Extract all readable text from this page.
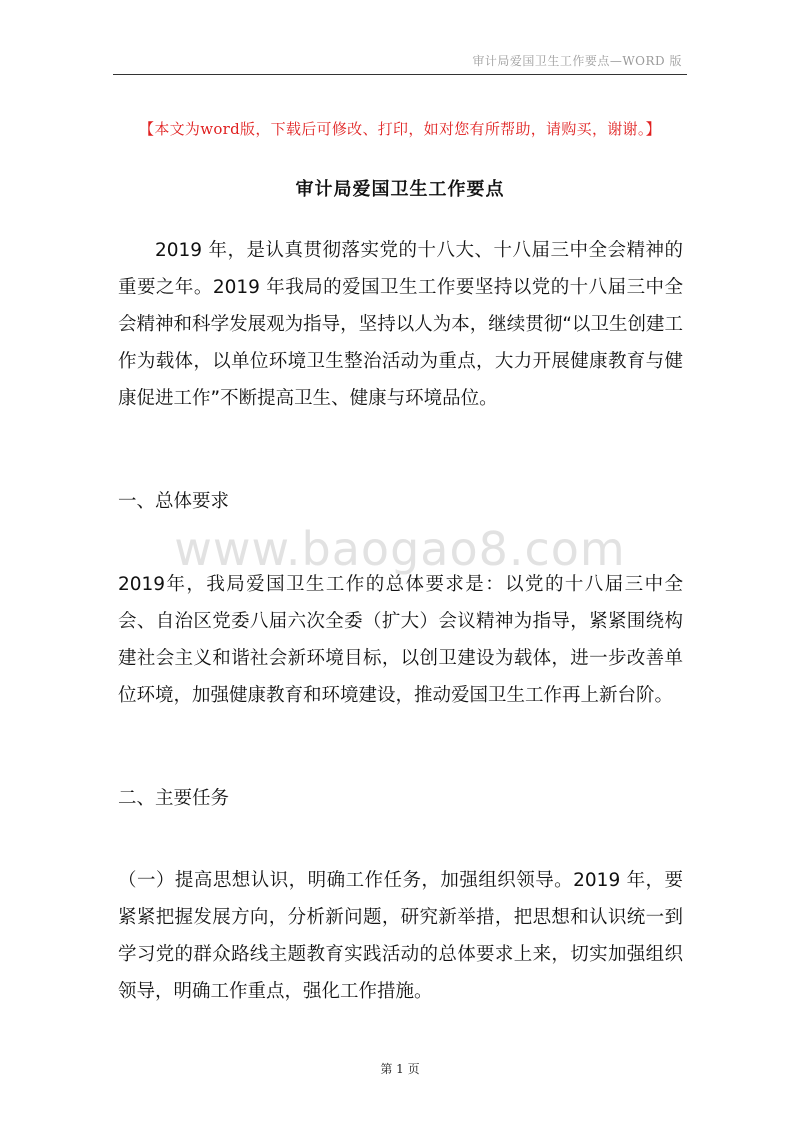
审计局爱国卫生工作要点—WORD 版
【本文为word版，下载后可修改、打印，如对您有所帮助，请购买，谢谢。】
审计局爱国卫生工作要点

2019 年，是认真贯彻落实党的十八大、十八届三中全会精神的重要之年。2019 年我局的爱国卫生工作要坚持以党的十八届三中全会精神和科学发展观为指导，坚持以人为本，继续贯彻“以卫生创建工作为载体，以单位环境卫生整治活动为重点，大力开展健康教育与健康促进工作”不断提高卫生、健康与环境品位。

一、总体要求
www.baogao8.com

2019年，我局爱国卫生工作的总体要求是：以党的十八届三中全会、自治区党委八届六次全委（扩大）会议精神为指导，紧紧围绕构建社会主义和谐社会新环境目标，以创卫建设为载体，进一步改善单位环境，加强健康教育和环境建设，推动爱国卫生工作再上新台阶。

二、主要任务

（一）提高思想认识，明确工作任务，加强组织领导。2019 年，要紧紧把握发展方向，分析新问题，研究新举措，把思想和认识统一到学习党的群众路线主题教育实践活动的总体要求上来，切实加强组织领导，明确工作重点，强化工作措施。

第 1 页
